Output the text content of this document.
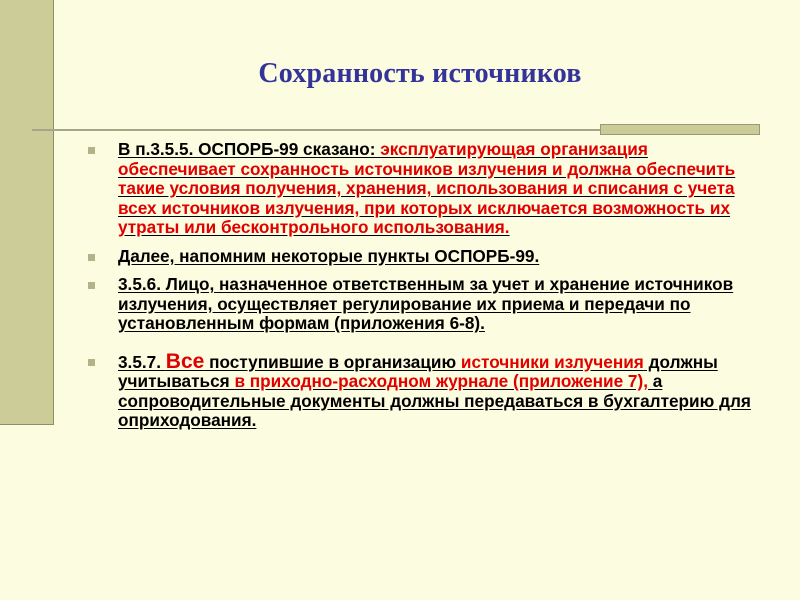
Сохранность источников
В п.3.5.5. ОСПОРБ-99 сказано: эксплуатирующая организация обеспечивает сохранность источников излучения и должна обеспечить такие условия получения, хранения, использования и списания с учета всех источников излучения, при которых исключается возможность их утраты или бесконтрольного использования.
Далее, напомним некоторые пункты ОСПОРБ-99.
3.5.6. Лицо, назначенное ответственным за учет и хранение источников излучения, осуществляет регулирование их приема и передачи по установленным формам (приложения 6-8).
3.5.7. Все поступившие в организацию источники излучения должны учитываться в приходно-расходном журнале (приложение 7), а сопроводительные документы должны передаваться в бухгалтерию для оприходования.
